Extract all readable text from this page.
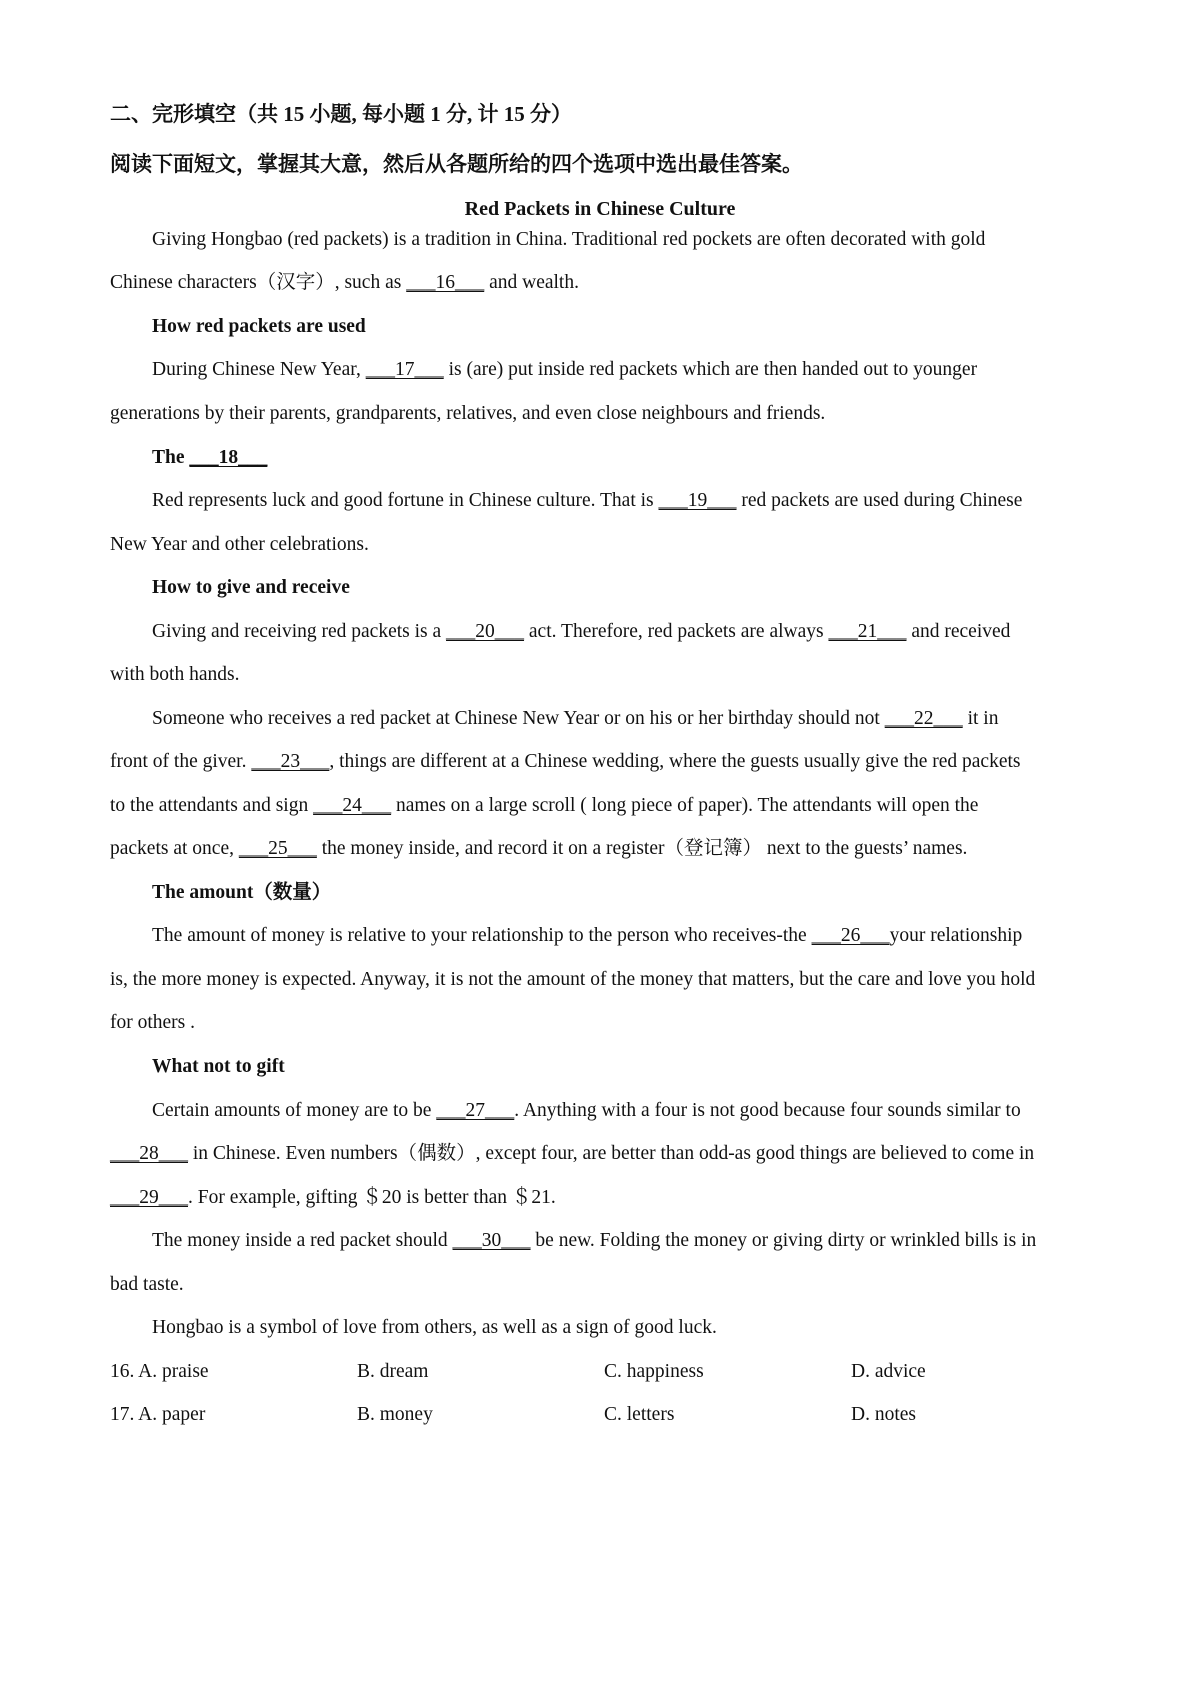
二、完形填空（共 15 小题, 每小题 1 分, 计 15 分）
阅读下面短文，掌握其大意，然后从各题所给的四个选项中选出最佳答案。
Red Packets in Chinese Culture
Giving Hongbao (red packets) is a tradition in China. Traditional red pockets are often decorated with gold
Chinese characters（汉字）, such as ___16___ and wealth.
How red packets are used
During Chinese New Year, ___17___ is (are) put inside red packets which are then handed out to younger
generations by their parents, grandparents, relatives, and even close neighbours and friends.
The ___18___
Red represents luck and good fortune in Chinese culture. That is ___19___ red packets are used during Chinese
New Year and other celebrations.
How to give and receive
Giving and receiving red packets is a ___20___ act. Therefore, red packets are always ___21___ and received
with both hands.
Someone who receives a red packet at Chinese New Year or on his or her birthday should not ___22___ it in
front of the giver. ___23___, things are different at a Chinese wedding, where the guests usually give the red packets
to the attendants and sign ___24___ names on a large scroll ( long piece of paper). The attendants will open the
packets at once, ___25___ the money inside, and record it on a register（登记簿） next to the guests’ names.
The amount（数量）
The amount of money is relative to your relationship to the person who receives-the ___26___your relationship
is, the more money is expected. Anyway, it is not the amount of the money that matters, but the care and love you hold
for others .
What not to gift
Certain amounts of money are to be ___27___. Anything with a four is not good because four sounds similar to
___28___ in Chinese. Even numbers（偶数）, except four, are better than odd-as good things are believed to come in
___29___. For example, gifting ＄20 is better than ＄21.
The money inside a red packet should ___30___ be new. Folding the money or giving dirty or wrinkled bills is in
bad taste.
Hongbao is a symbol of love from others, as well as a sign of good luck.
16. A. praise	B. dream	C. happiness	D. advice
17. A. paper	B. money	C. letters	D. notes
